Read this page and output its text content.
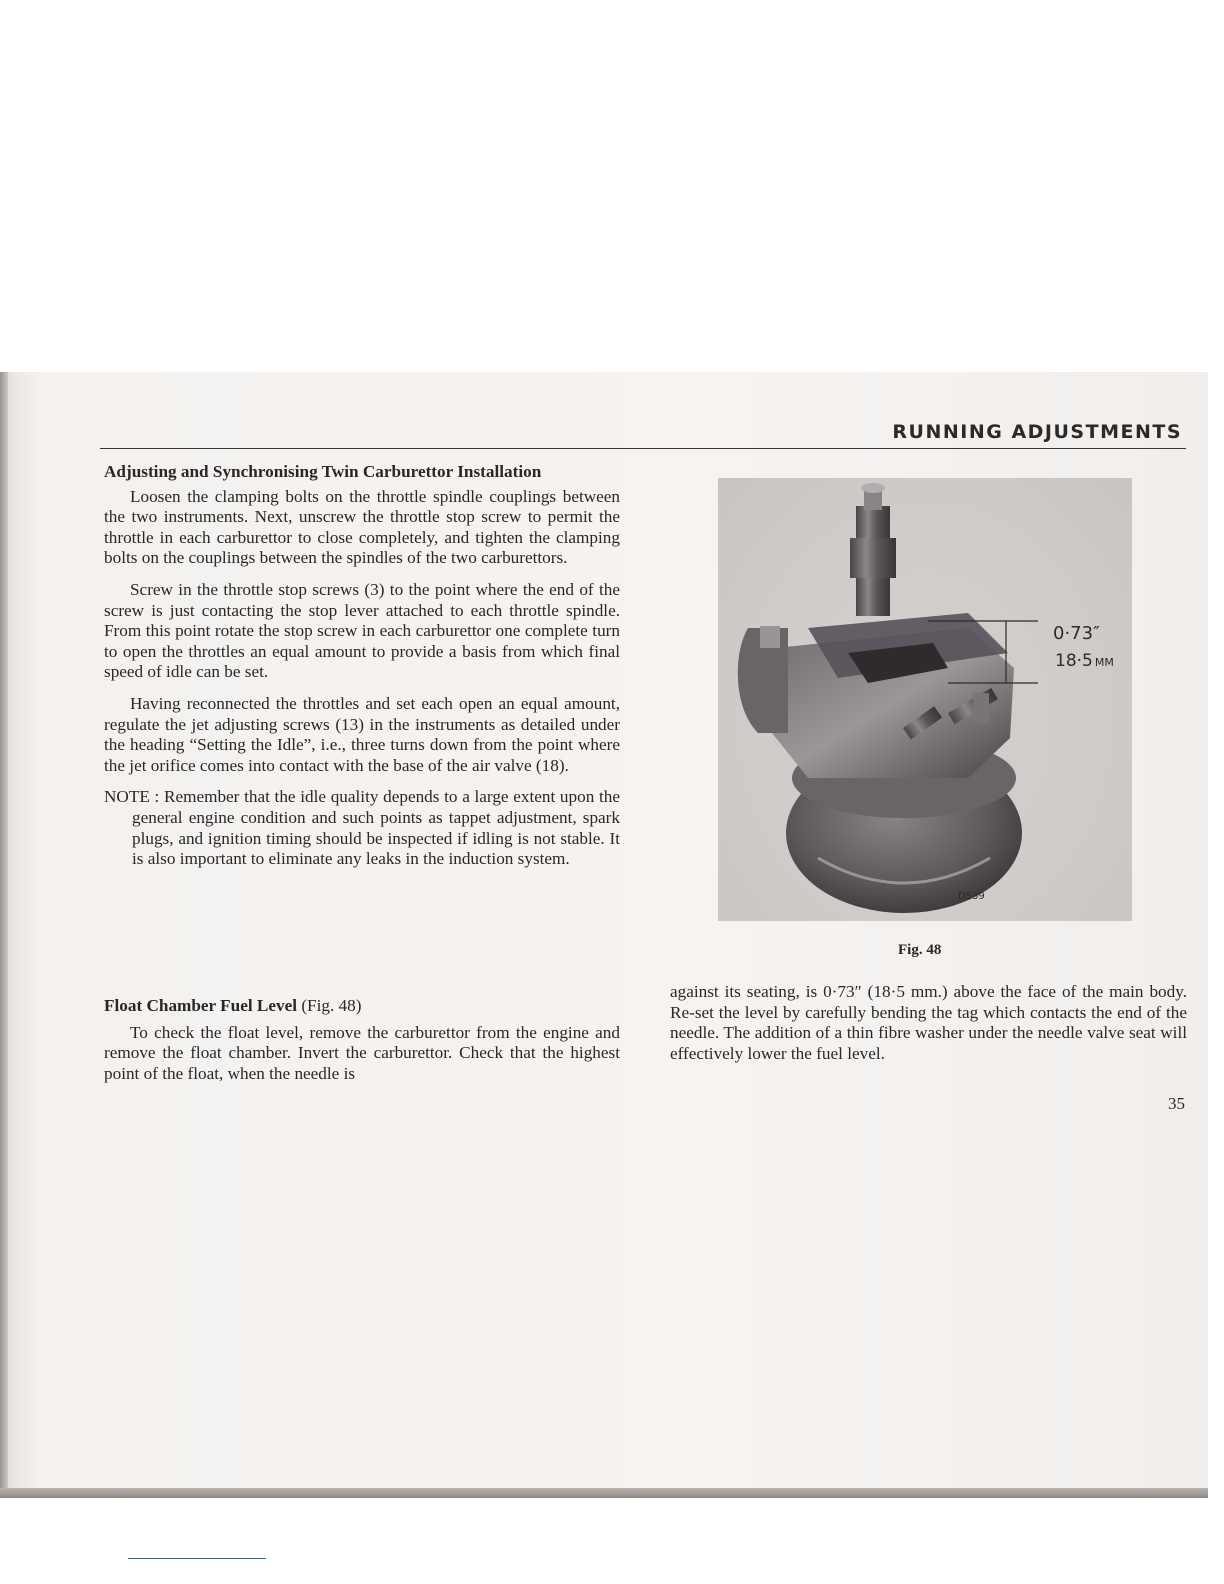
RUNNING ADJUSTMENTS

Adjusting and Synchronising Twin Carburettor Installation

Loosen the clamping bolts on the throttle spindle couplings between the two instruments. Next, unscrew the throttle stop screw to permit the throttle in each carburettor to close completely, and tighten the clamping bolts on the couplings between the spindles of the two carburettors.

Screw in the throttle stop screws (3) to the point where the end of the screw is just contacting the stop lever attached to each throttle spindle. From this point rotate the stop screw in each carburettor one complete turn to open the throttles an equal amount to provide a basis from which final speed of idle can be set.

Having reconnected the throttles and set each open an equal amount, regulate the jet adjusting screws (13) in the instruments as detailed under the heading “Setting the Idle”, i.e., three turns down from the point where the jet orifice comes into contact with the base of the air valve (18).

NOTE : Remember that the idle quality depends to a large extent upon the general engine condition and such points as tappet adjustment, spark plugs, and ignition timing should be inspected if idling is not stable. It is also important to eliminate any leaks in the induction system.

Float Chamber Fuel Level (Fig. 48)

To check the float level, remove the carburettor from the engine and remove the float chamber. Invert the carburettor. Check that the highest point of the float, when the needle is

0·73″
18·5 MM
D539
Fig. 48

against its seating, is 0·73″ (18·5 mm.) above the face of the main body. Re-set the level by carefully bending the tag which contacts the end of the needle. The addition of a thin fibre washer under the needle valve seat will effectively lower the fuel level.

35
